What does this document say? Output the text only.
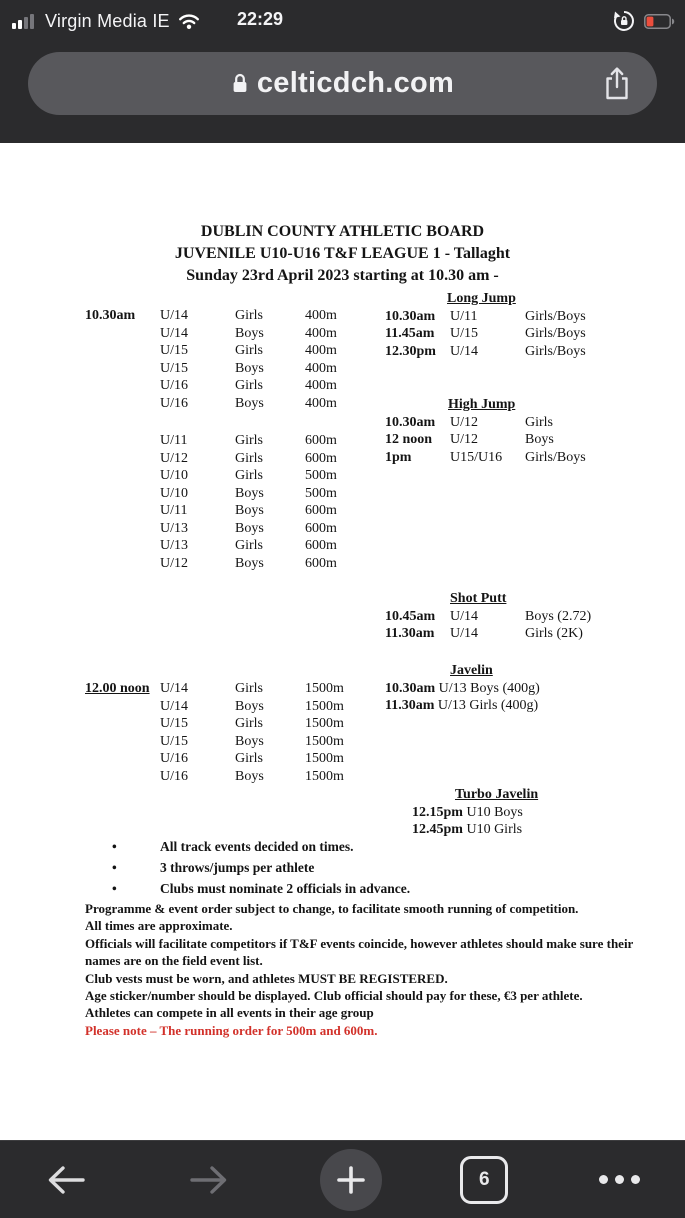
Virgin Media IE	22:29
celticdch.com
DUBLIN COUNTY ATHLETIC BOARD
JUVENILE U10-U16 T&F LEAGUE 1 - Tallaght
Sunday 23rd April 2023 starting at 10.30 am -
10.30am U/14	Girls	400m
U/14	Boys	400m
U/15	Girls	400m
U/15	Boys	400m
U/16	Girls	400m
U/16	Boys	400m
U/11	Girls	600m
U/12	Girls	600m
U/10	Girls	500m
U/10	Boys	500m
U/11	Boys	600m
U/13	Boys	600m
U/13	Girls	600m
U/12	Boys	600m
12.00 noon U/14	Girls	1500m
U/14	Boys	1500m
U/15	Girls	1500m
U/15	Boys	1500m
U/16	Girls	1500m
U/16	Boys	1500m
Long Jump
10.30am U/11	Girls/Boys
11.45am U/15	Girls/Boys
12.30pm U/14	Girls/Boys
High Jump
10.30am U/12	Girls
12 noon U/12	Boys
1pm	U15/U16 Girls/Boys
Shot Putt
10.45am U/14	Boys (2.72)
11.30am U/14	Girls (2K)
Javelin
10.30am U/13 Boys (400g)
11.30am U/13 Girls (400g)
Turbo Javelin
12.15pm U10 Boys
12.45pm U10 Girls
All track events decided on times.
3 throws/jumps per athlete
Clubs must nominate 2 officials in advance.
Programme & event order subject to change, to facilitate smooth running of competition.
All times are approximate.
Officials will facilitate competitors if T&F events coincide, however athletes should make sure their names are on the field event list.
Club vests must be worn, and athletes MUST BE REGISTERED.
Age sticker/number should be displayed. Club official should pay for these, €3 per athlete.
Athletes can compete in all events in their age group
Please note – The running order for 500m and 600m.
6
